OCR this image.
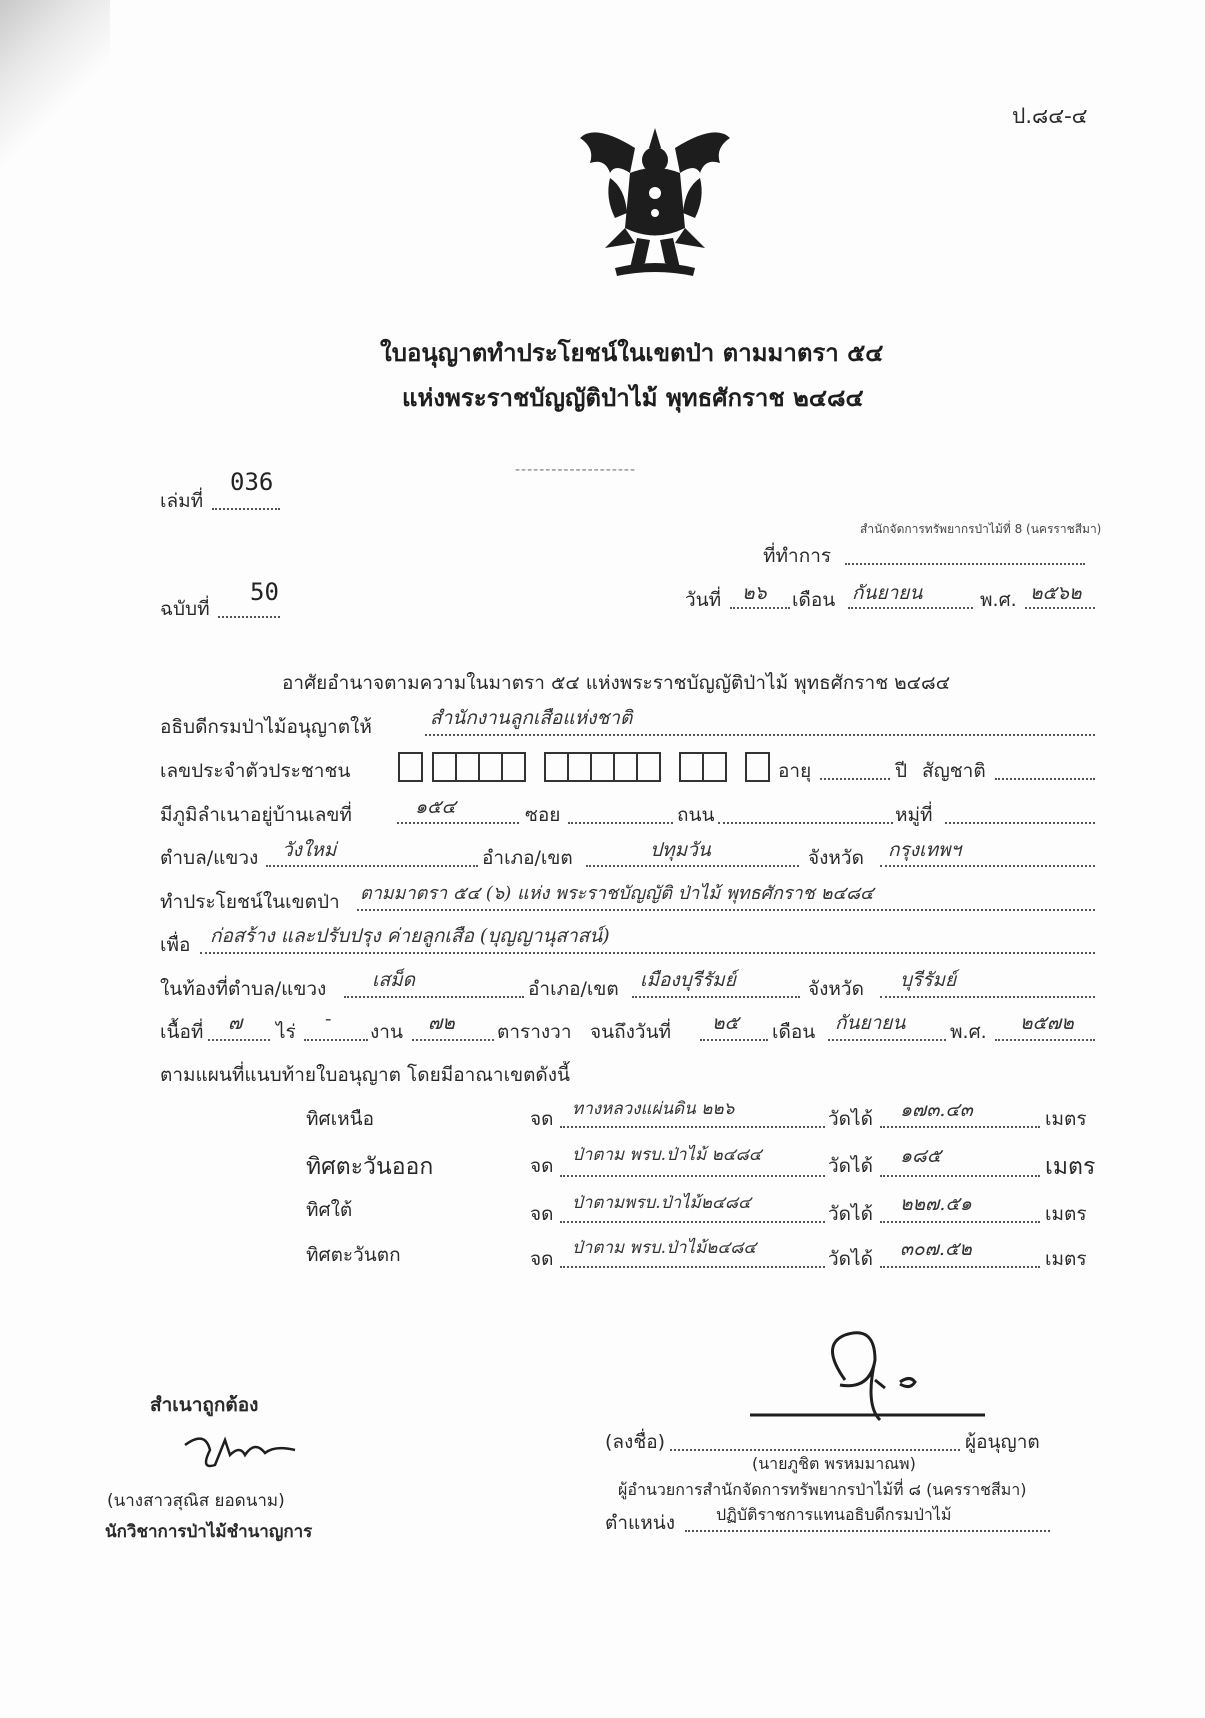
ป.๘๔-๔
ใบอนุญาตทำประโยชน์ในเขตป่า ตามมาตรา ๕๔
แห่งพระราชบัญญัติป่าไม้ พุทธศักราช ๒๔๘๔
--------------------
เล่มที่
036
ฉบับที่
50
สำนักจัดการทรัพยากรป่าไม้ที่ 8 (นครราชสีมา)
ที่ทำการ
วันที่ ๒๖ เดือน กันยายน	พ.ศ. ๒๕๖๒
อาศัยอำนาจตามความในมาตรา ๕๔ แห่งพระราชบัญญัติป่าไม้ พุทธศักราช ๒๔๘๔
อธิบดีกรมป่าไม้อนุญาตให้	สำนักงานลูกเสือแห่งชาติ
เลขประจำตัวประชาชน	อายุ	ปี สัญชาติ
มีภูมิลำเนาอยู่บ้านเลขที่	๑๕๔	ซอย	ถนน	หมู่ที่
ตำบล/แขวง วังใหม่	อำเภอ/เขต	ปทุมวัน	จังหวัด กรุงเทพฯ
ทำประโยชน์ในเขตป่า ตามมาตรา ๕๔ (๖) แห่ง พระราชบัญญัติ ป่าไม้ พุทธศักราช ๒๔๘๔
เพื่อ ก่อสร้าง และปรับปรุง ค่ายลูกเสือ (บุญญานุสาสน์)
ในท้องที่ตำบล/แขวง เสม็ด	อำเภอ/เขต เมืองบุรีรัมย์	จังหวัด บุรีรัมย์
เนื้อที่ ๗ ไร่
-
งาน ๗๒ ตารางวา จนถึงวันที่ ๒๕ เดือน กันยายน พ.ศ. ๒๕๗๒
ตามแผนที่แนบท้ายใบอนุญาต โดยมีอาณาเขตดังนี้
ทิศเหนือ	จด ทางหลวงแผ่นดิน ๒๒๖	วัดได้ ๑๗๓.๔๓	เมตร
ทิศตะวันออก	จด ป่าตาม พรบ.ป่าไม้ ๒๔๘๔	วัดได้ ๑๘๕	เมตร
ทิศใต้	จด ป่าตามพรบ.ป่าไม้๒๔๘๔	วัดได้ ๒๒๗.๕๑	เมตร
ทิศตะวันตก	จด ป่าตาม พรบ.ป่าไม้๒๔๘๔	วัดได้ ๓๐๗.๕๒	เมตร
(ลงชื่อ)	ผู้อนุญาต
(นายภูชิต พรหมมาณพ)
ผู้อำนวยการสำนักจัดการทรัพยากรป่าไม้ที่ ๘ (นครราชสีมา)
ตำแหน่ง	ปฏิบัติราชการแทนอธิบดีกรมป่าไม้
สำเนาถูกต้อง
(นางสาวสุณิส ยอดนาม)
นักวิชาการป่าไม้ชำนาญการ
